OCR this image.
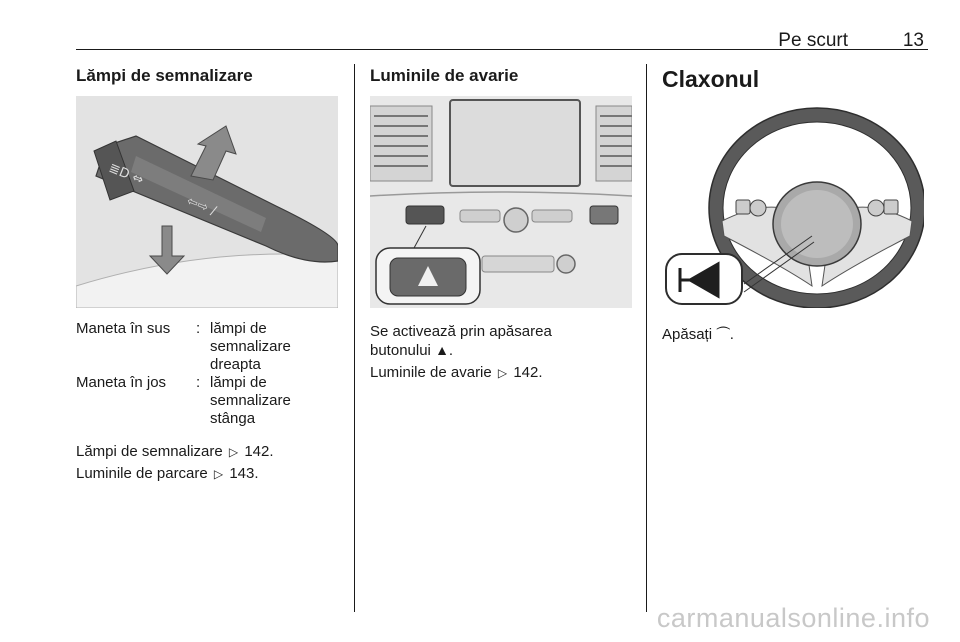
Pe scurt	13
Lămpi de semnalizare
≣D ⇔
⇦⇨ /
Maneta în sus	: lămpi de
semnalizare
dreapta
Maneta în jos	: lămpi de
semnalizare
stânga
Lămpi de semnalizare ▷ 142.
Luminile de parcare ▷ 143.
Luminile de avarie
Se activează prin apăsarea
butonului ▲.
Luminile de avarie ▷ 142.
Claxonul
Apăsați ⏜.
carmanualsonline.info
